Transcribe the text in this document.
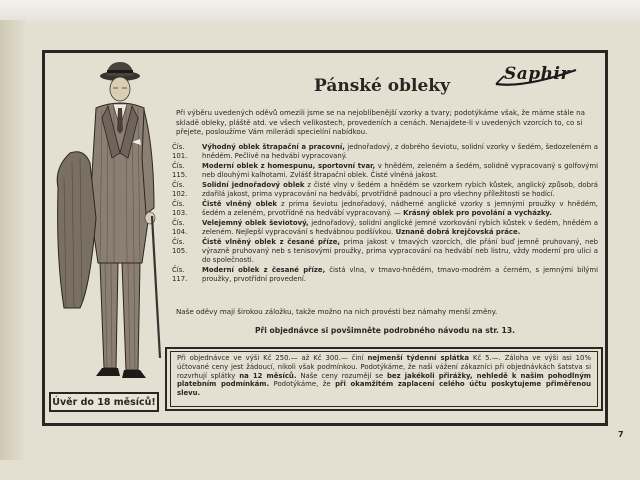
Úvěr do 18 měsíců!
Pánské obleky
Saphir
Při výběru uvedených oděvů omezili jsme se na nejoblíbenější vzorky a tvary; podotýkáme však, že máme stále na skladě obleky, pláště atd. ve všech velikostech, provedeních a cenách. Nenajdete-li v uvedených vzorcích to, co si přejete, posloužíme Vám milerádi specielíní nabídkou.
Čís. 101.
Výhodný oblek štrapační a pracovní, jednořadový, z dobrého ševiotu, solidní vzorky v šedém, šedozeleném a hnědém. Pečlivě na hedvábí vypracovaný.
Čís. 115.
Moderní oblek z homespunu, sportovní tvar, v hnědém, zeleném a šedém, solidně vypracovaný s golfovými neb dlouhými kalhotami. Zvlášť štrapační oblek. Čisté vlněná jakost.
Čís. 102.
Solidní jednořadový oblek z čisté vlny v šedém a hnědém se vzorkem rybích kůstek, anglický způsob, dobrá zdařilá jakost, prima vypracování na hedvábí, prvotřídně padnoucí a pro všechny příležitosti se hodící.
Čís. 103.
Čistě vlněný oblek z prima ševiotu jednořadový, nádherné anglické vzorky s jemnými proužky v hnědém, šedém a zeleném, prvotřídně na hedvábí vypracovaný. — Krásný oblek pro povolání a vycházky.
Čís. 104.
Velejemný oblek ševiotový, jednořadový, solidní anglické jemné vzorkování rybích kůstek v šedém, hnědém a zeleném. Nejlepší vypracování s hedvábnou podšívkou. Uznaně dobrá krejčovská práce.
Čís. 105.
Čistě vlněný oblek z česané příze, prima jakost v tmavých vzorcích, dle přání buď jemně pruhovaný, neb výrazně pruhovaný neb s tenisovými proužky, prima vypracování na hedvábí neb listru, vždy moderní pro ulici a do společnosti.
Čís. 117.
Moderní oblek z česané příze, čistá vlna, v tmavo-hnědém, tmavo-modrém a černém, s jemnými bílými proužky, prvotřídní provedení.
Naše oděvy mají širokou záložku, takže možno na nich provésti bez námahy menší změny.
Při objednávce si povšimněte podrobného návodu na str. 13.
Při objednávce ve výši Kč 250.— až Kč 300.— činí nejmenší týdenní splátka Kč 5.—. Záloha ve výši asi 10% účtované ceny jest žádoucí, nikoli však podmínkou. Podotýkáme, že naši vážení zákazníci při objednávkách šatstva si rozvrhují splátky na 12 měsíců. Naše ceny rozumějí se bez jakékoli přirážky, nehledě k našim pohodlným platebním podmínkám. Podotýkáme, že při okamžitém zaplacení celého účtu poskytujeme přiměřenou slevu.
7
